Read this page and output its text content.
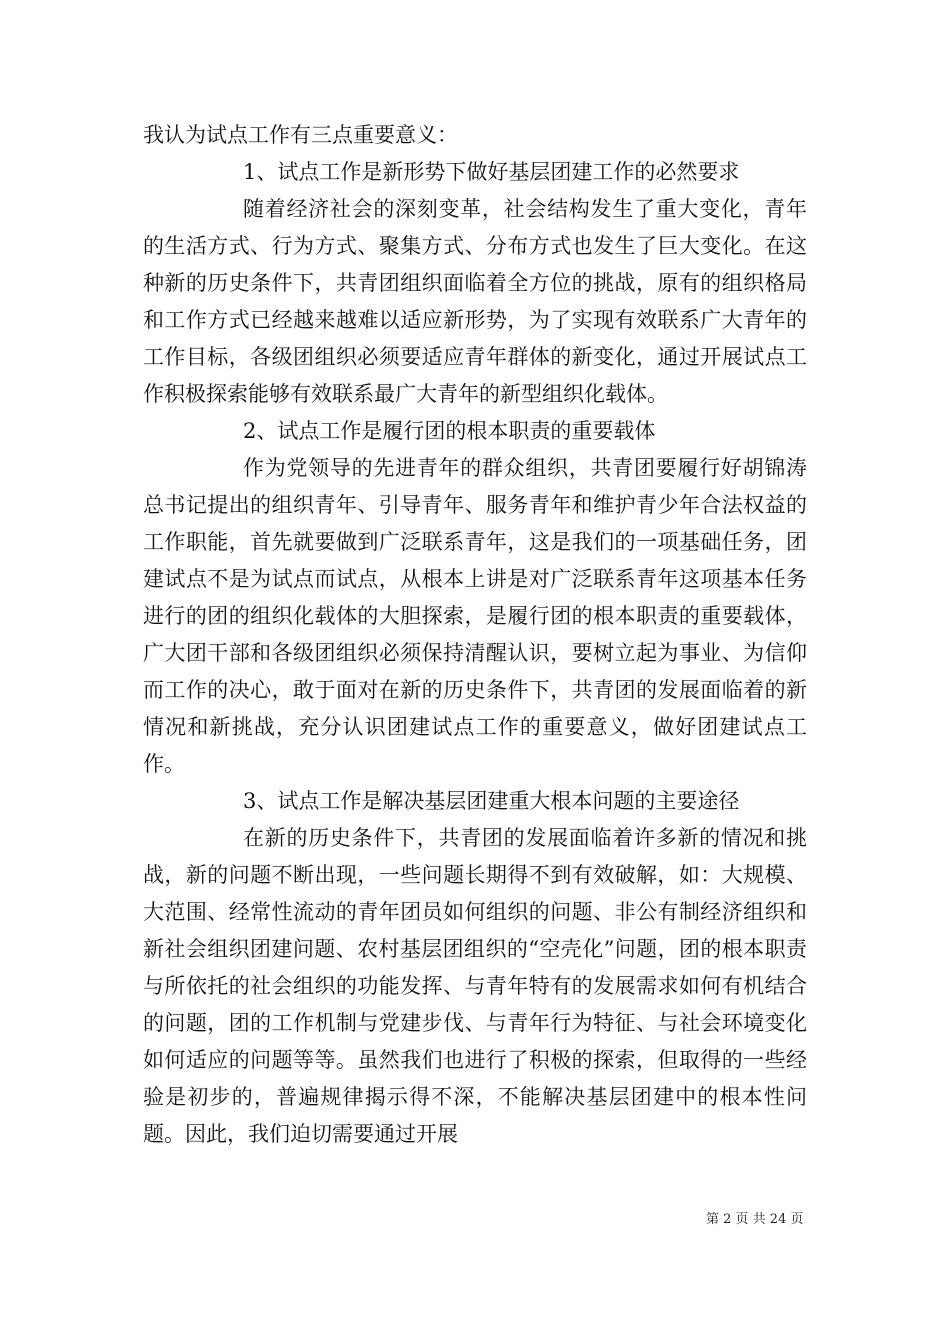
我认为试点工作有三点重要意义：

1、试点工作是新形势下做好基层团建工作的必然要求

随着经济社会的深刻变革，社会结构发生了重大变化，青年的生活方式、行为方式、聚集方式、分布方式也发生了巨大变化。在这种新的历史条件下，共青团组织面临着全方位的挑战，原有的组织格局和工作方式已经越来越难以适应新形势，为了实现有效联系广大青年的工作目标，各级团组织必须要适应青年群体的新变化，通过开展试点工作积极探索能够有效联系最广大青年的新型组织化载体。

2、试点工作是履行团的根本职责的重要载体

作为党领导的先进青年的群众组织，共青团要履行好胡锦涛总书记提出的组织青年、引导青年、服务青年和维护青少年合法权益的工作职能，首先就要做到广泛联系青年，这是我们的一项基础任务，团建试点不是为试点而试点，从根本上讲是对广泛联系青年这项基本任务进行的团的组织化载体的大胆探索，是履行团的根本职责的重要载体，广大团干部和各级团组织必须保持清醒认识，要树立起为事业、为信仰而工作的决心，敢于面对在新的历史条件下，共青团的发展面临着的新情况和新挑战，充分认识团建试点工作的重要意义，做好团建试点工作。

3、试点工作是解决基层团建重大根本问题的主要途径

在新的历史条件下，共青团的发展面临着许多新的情况和挑战，新的问题不断出现，一些问题长期得不到有效破解，如：大规模、大范围、经常性流动的青年团员如何组织的问题、非公有制经济组织和新社会组织团建问题、农村基层团组织的“空壳化”问题，团的根本职责与所依托的社会组织的功能发挥、与青年特有的发展需求如何有机结合的问题，团的工作机制与党建步伐、与青年行为特征、与社会环境变化如何适应的问题等等。虽然我们也进行了积极的探索，但取得的一些经验是初步的，普遍规律揭示得不深，不能解决基层团建中的根本性问题。因此，我们迫切需要通过开展

第 2 页 共 24 页
